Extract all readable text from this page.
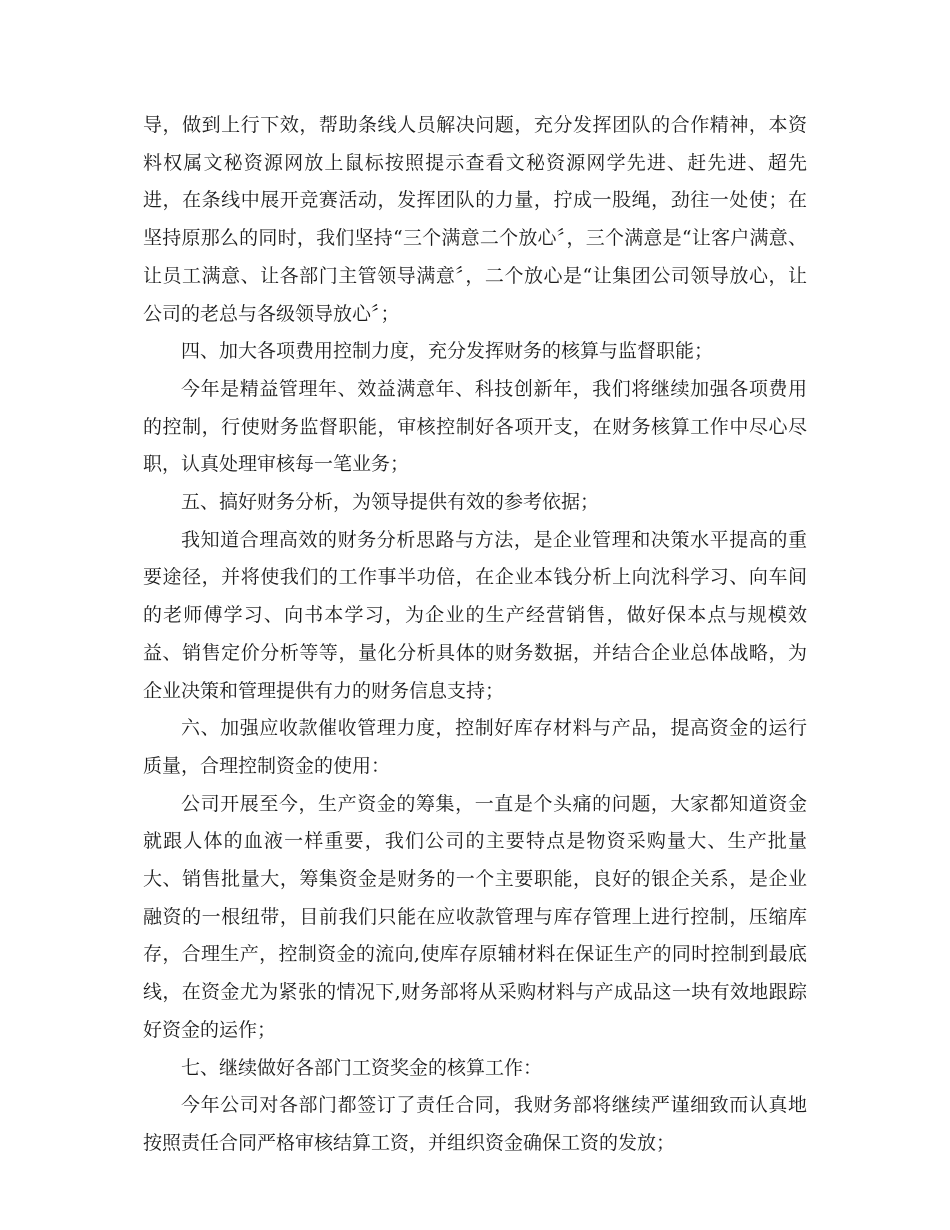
导，做到上行下效，帮助条线人员解决问题，充分发挥团队的合作精神，本资料权属文秘资源网放上鼠标按照提示查看文秘资源网学先进、赶先进、超先进，在条线中展开竞赛活动，发挥团队的力量，拧成一股绳，劲往一处使；在坚持原那么的同时，我们坚持“三个满意二个放心〞，三个满意是“让客户满意、让员工满意、让各部门主管领导满意〞，二个放心是“让集团公司领导放心，让公司的老总与各级领导放心〞；

四、加大各项费用控制力度，充分发挥财务的核算与监督职能；

今年是精益管理年、效益满意年、科技创新年，我们将继续加强各项费用的控制，行使财务监督职能，审核控制好各项开支，在财务核算工作中尽心尽职，认真处理审核每一笔业务；

五、搞好财务分析，为领导提供有效的参考依据；

我知道合理高效的财务分析思路与方法，是企业管理和决策水平提高的重要途径，并将使我们的工作事半功倍，在企业本钱分析上向沈科学习、向车间的老师傅学习、向书本学习，为企业的生产经营销售，做好保本点与规模效益、销售定价分析等等，量化分析具体的财务数据，并结合企业总体战略，为企业决策和管理提供有力的财务信息支持；

六、加强应收款催收管理力度，控制好库存材料与产品，提高资金的运行质量，合理控制资金的使用：

公司开展至今，生产资金的筹集，一直是个头痛的问题，大家都知道资金就跟人体的血液一样重要，我们公司的主要特点是物资采购量大、生产批量大、销售批量大，筹集资金是财务的一个主要职能，良好的银企关系，是企业融资的一根纽带，目前我们只能在应收款管理与库存管理上进行控制，压缩库存，合理生产，控制资金的流向,使库存原辅材料在保证生产的同时控制到最底线，在资金尤为紧张的情况下,财务部将从采购材料与产成品这一块有效地跟踪好资金的运作；

七、继续做好各部门工资奖金的核算工作：

今年公司对各部门都签订了责任合同，我财务部将继续严谨细致而认真地按照责任合同严格审核结算工资，并组织资金确保工资的发放；
